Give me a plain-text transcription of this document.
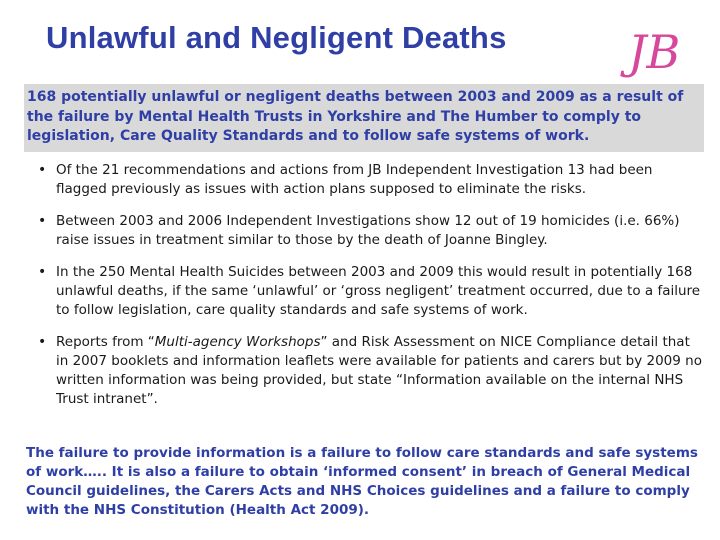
Unlawful and Negligent Deaths	JB

168 potentially unlawful or negligent deaths between 2003 and 2009 as a result of the failure by Mental Health Trusts in Yorkshire and The Humber to comply to legislation, Care Quality Standards and to follow safe systems of work.

• Of the 21 recommendations and actions from JB Independent Investigation 13 had been flagged previously as issues with action plans supposed to eliminate the risks.
• Between 2003 and 2006 Independent Investigations show 12 out of 19 homicides (i.e. 66%) raise issues in treatment similar to those by the death of Joanne Bingley.
• In the 250 Mental Health Suicides between 2003 and 2009 this would result in potentially 168 unlawful deaths, if the same ‘unlawful’ or ‘gross negligent’ treatment occurred, due to a failure to follow legislation, care quality standards and safe systems of work.
• Reports from “Multi-agency Workshops” and Risk Assessment on NICE Compliance detail that in 2007 booklets and information leaflets were available for patients and carers but by 2009 no written information was being provided, but state “Information available on the internal NHS Trust intranet”.

The failure to provide information is a failure to follow care standards and safe systems of work….. It is also a failure to obtain ‘informed consent’ in breach of General Medical Council guidelines, the Carers Acts and NHS Choices guidelines and a failure to comply with the NHS Constitution (Health Act 2009).
